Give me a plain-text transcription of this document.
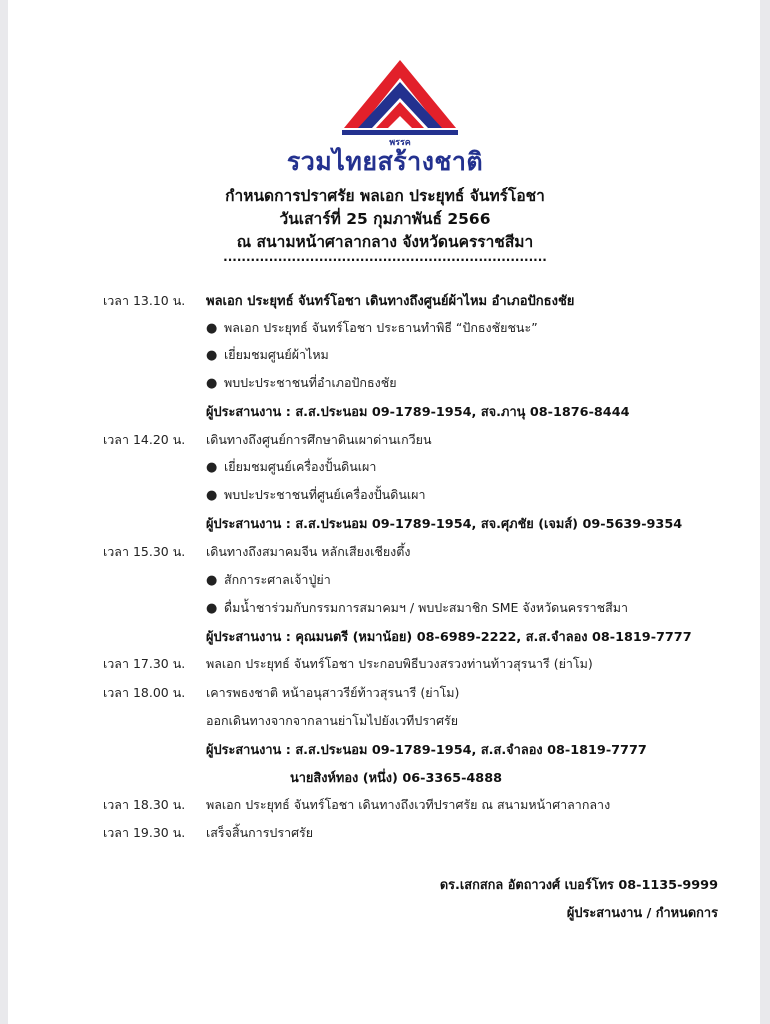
พรรค
รวมไทยสร้างชาติ
กำหนดการปราศรัย พลเอก ประยุทธ์ จันทร์โอชา
วันเสาร์ที่ 25 กุมภาพันธ์ 2566
ณ สนามหน้าศาลากลาง จังหวัดนครราชสีมา
.......................................................................
เวลา 13.10 น. พลเอก ประยุทธ์ จันทร์โอชา เดินทางถึงศูนย์ผ้าไหม อำเภอปักธงชัย
● พลเอก ประยุทธ์ จันทร์โอชา ประธานทำพิธี “ปักธงชัยชนะ”
● เยี่ยมชมศูนย์ผ้าไหม
● พบปะประชาชนที่อำเภอปักธงชัย
ผู้ประสานงาน : ส.ส.ประนอม 09-1789-1954, สจ.ภานุ 08-1876-8444
เวลา 14.20 น. เดินทางถึงศูนย์การศึกษาดินเผาด่านเกวียน
● เยี่ยมชมศูนย์เครื่องปั้นดินเผา
● พบปะประชาชนที่ศูนย์เครื่องปั้นดินเผา
ผู้ประสานงาน : ส.ส.ประนอม 09-1789-1954, สจ.ศุภชัย (เจมส์) 09-5639-9354
เวลา 15.30 น. เดินทางถึงสมาคมจีน หลักเสียงเชียงตึ้ง
● สักการะศาลเจ้าปู่ย่า
● ดื่มน้ำชาร่วมกับกรรมการสมาคมฯ / พบปะสมาชิก SME จังหวัดนครราชสีมา
ผู้ประสานงาน : คุณมนตรี (หมาน้อย) 08-6989-2222, ส.ส.จำลอง 08-1819-7777
เวลา 17.30 น. พลเอก ประยุทธ์ จันทร์โอชา ประกอบพิธีบวงสรวงท่านท้าวสุรนารี (ย่าโม)
เวลา 18.00 น. เคารพธงชาติ หน้าอนุสาวรีย์ท้าวสุรนารี (ย่าโม)
ออกเดินทางจากจากลานย่าโมไปยังเวทีปราศรัย
ผู้ประสานงาน : ส.ส.ประนอม 09-1789-1954, ส.ส.จำลอง 08-1819-7777
นายสิงห์ทอง (หนึ่ง) 06-3365-4888
เวลา 18.30 น. พลเอก ประยุทธ์ จันทร์โอชา เดินทางถึงเวทีปราศรัย ณ สนามหน้าศาลากลาง
เวลา 19.30 น. เสร็จสิ้นการปราศรัย
ดร.เสกสกล อัตถาวงศ์ เบอร์โทร 08-1135-9999
ผู้ประสานงาน / กำหนดการ
